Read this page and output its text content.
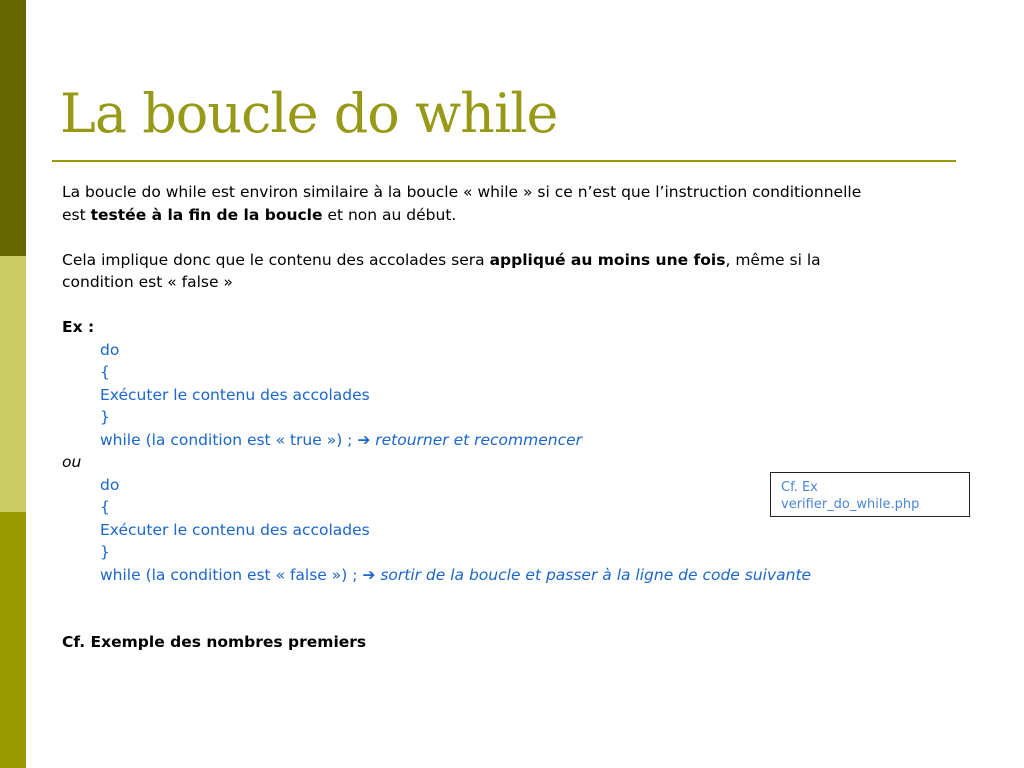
La boucle do while

La boucle do while est environ similaire à la boucle « while » si ce n’est que l’instruction conditionnelle

est testée à la fin de la boucle et non au début.

Cela implique donc que le contenu des accolades sera appliqué au moins une fois, même si la

condition est « false »

Ex :

do

{

Exécuter le contenu des accolades

}

while (la condition est « true ») ; ➔ retourner et recommencer

ou

do

{

Exécuter le contenu des accolades

}

while (la condition est « false ») ; ➔ sortir de la boucle et passer à la ligne de code suivante

Cf. Exemple des nombres premiers

Cf. Ex
verifier_do_while.php
